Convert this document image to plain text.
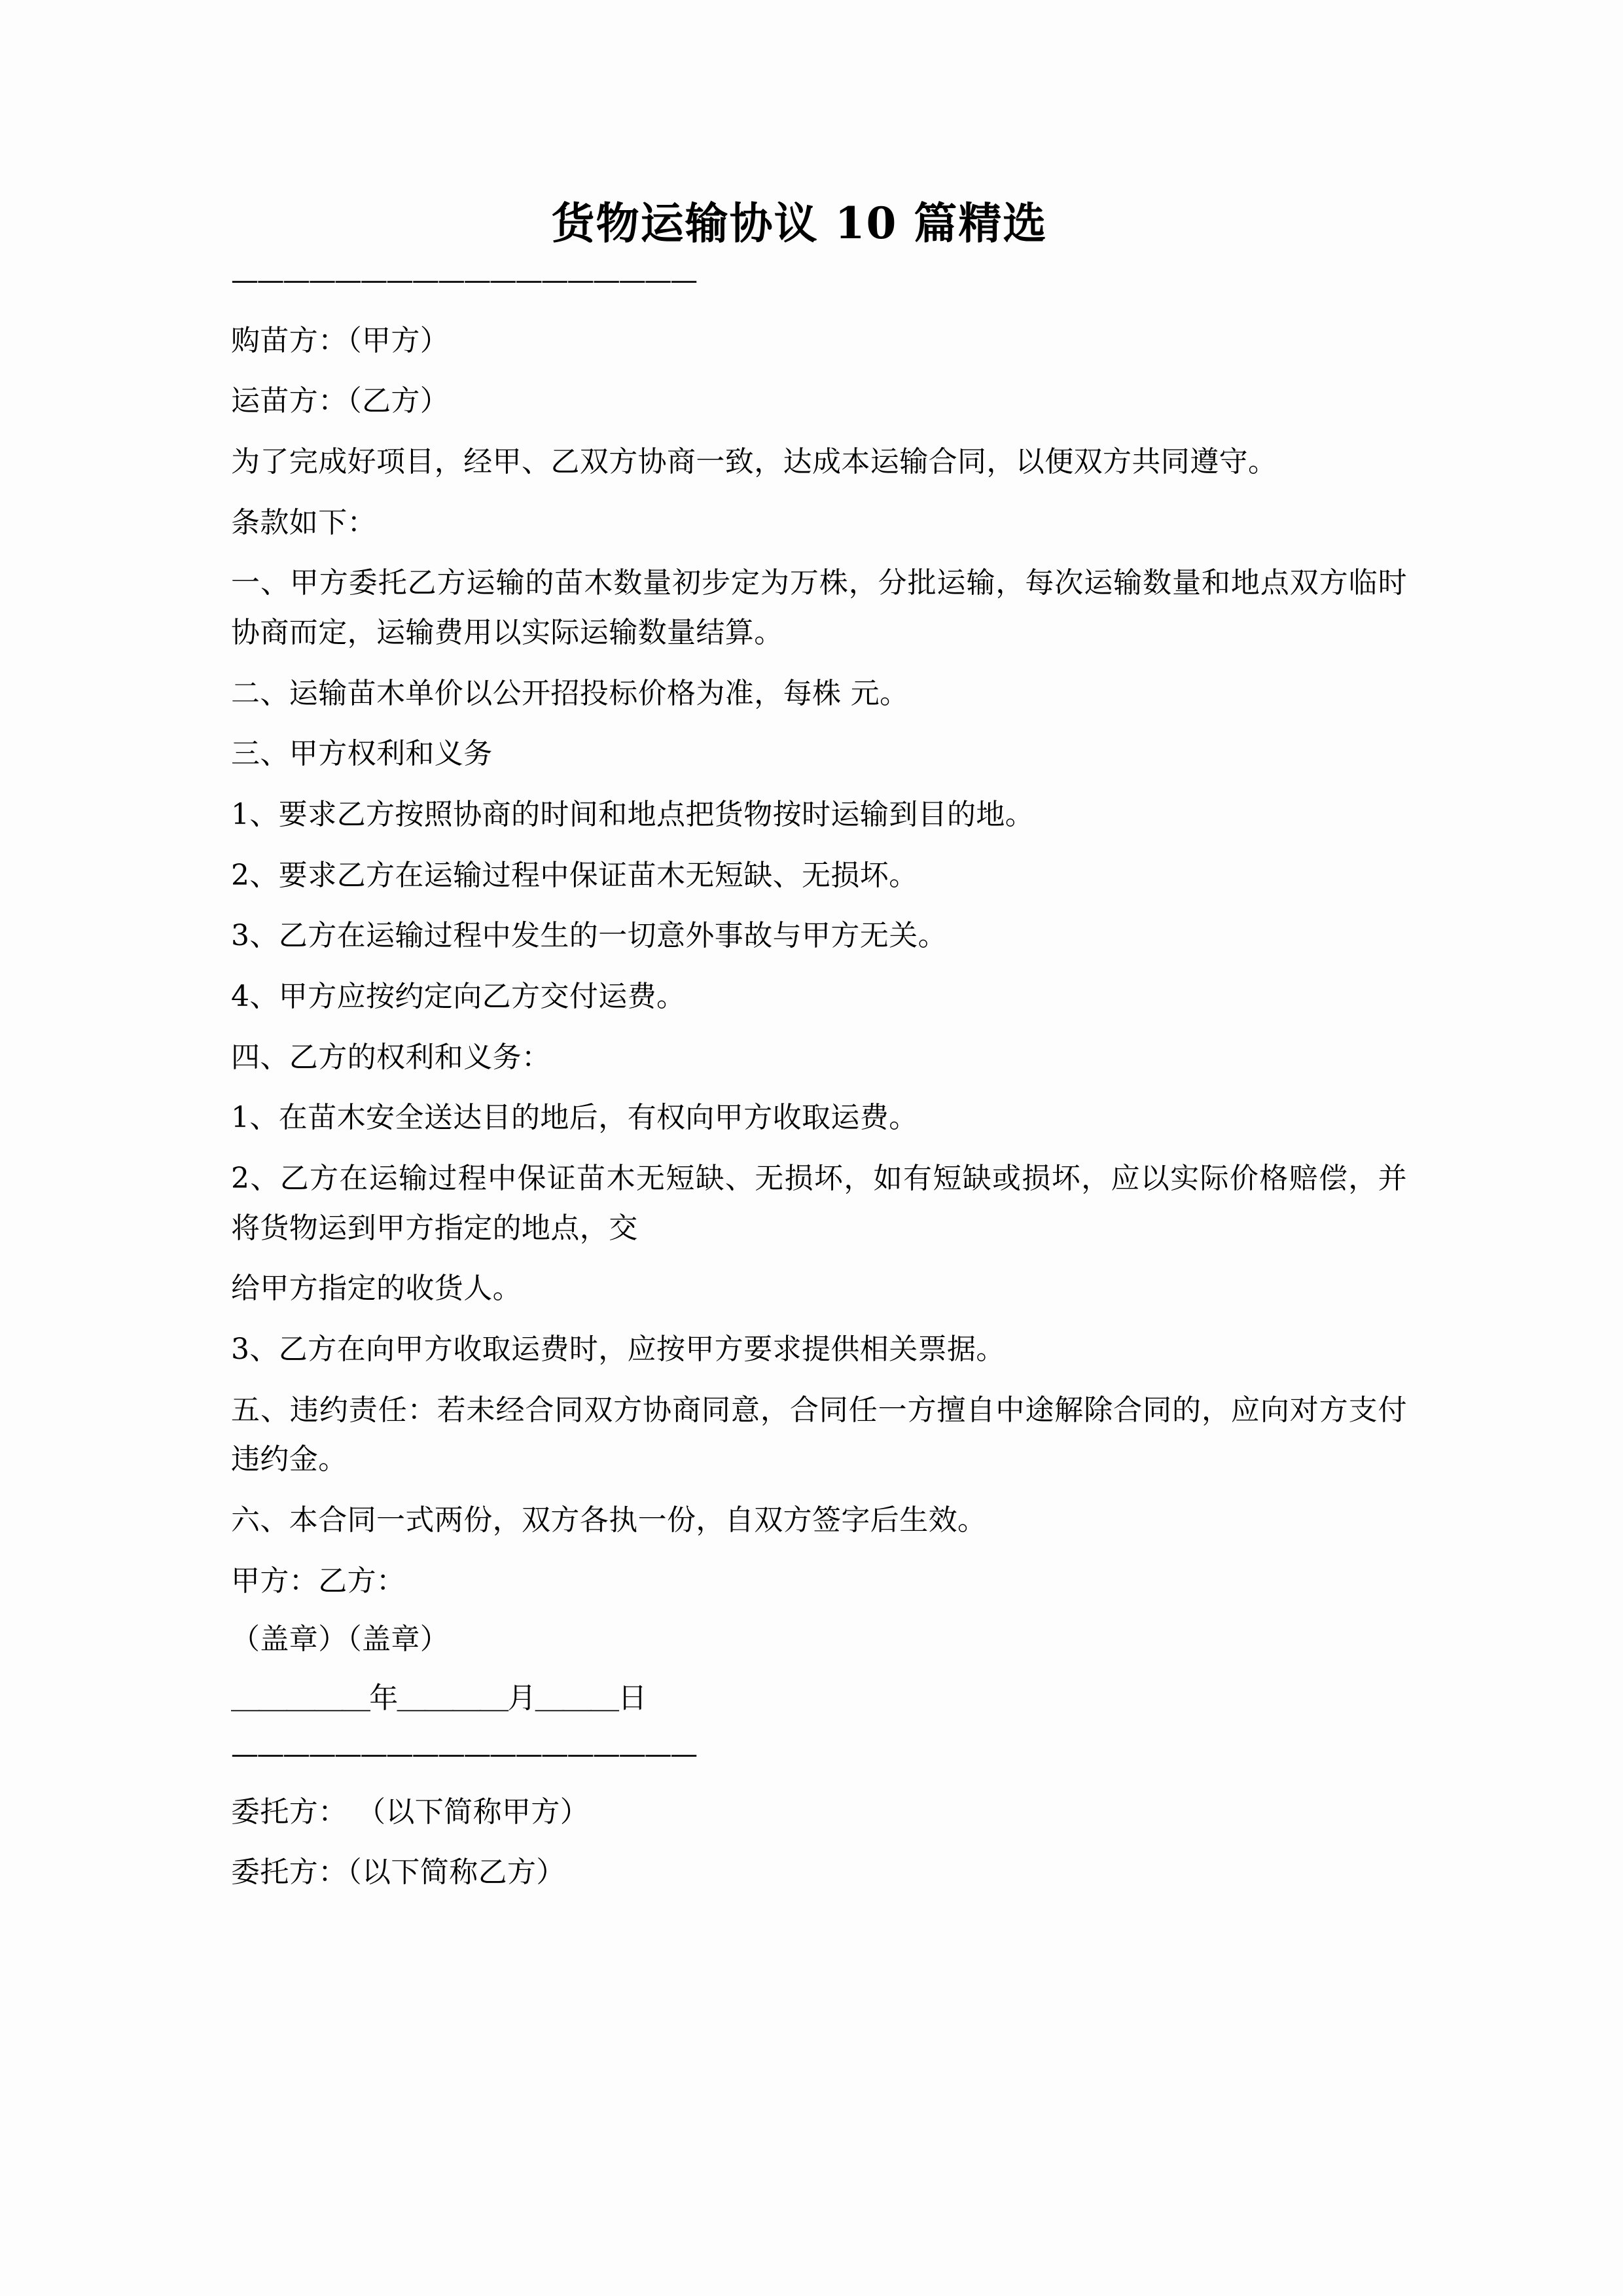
货物运输协议 10 篇精选
——————————————————

购苗方：（甲方）

运苗方：（乙方）

为了完成好项目，经甲、乙双方协商一致，达成本运输合同，以便双方共同遵守。

条款如下：

一、甲方委托乙方运输的苗木数量初步定为万株，分批运输，每次运输数量和地点双方临时协商而定，运输费用以实际运输数量结算。

二、运输苗木单价以公开招投标价格为准，每株 元。

三、甲方权利和义务

1、要求乙方按照协商的时间和地点把货物按时运输到目的地。

2、要求乙方在运输过程中保证苗木无短缺、无损坏。

3、乙方在运输过程中发生的一切意外事故与甲方无关。

4、甲方应按约定向乙方交付运费。

四、乙方的权利和义务：

1、在苗木安全送达目的地后，有权向甲方收取运费。

2、乙方在运输过程中保证苗木无短缺、无损坏，如有短缺或损坏，应以实际价格赔偿，并将货物运到甲方指定的地点，交

给甲方指定的收货人。

3、乙方在向甲方收取运费时，应按甲方要求提供相关票据。

五、违约责任：若未经合同双方协商同意，合同任一方擅自中途解除合同的，应向对方支付违约金。

六、本合同一式两份，双方各执一份，自双方签字后生效。

甲方：乙方：

（盖章）（盖章）

＿＿＿＿＿年＿＿＿＿月＿＿＿日

——————————————————

委托方： （以下简称甲方）

委托方：（以下简称乙方）
